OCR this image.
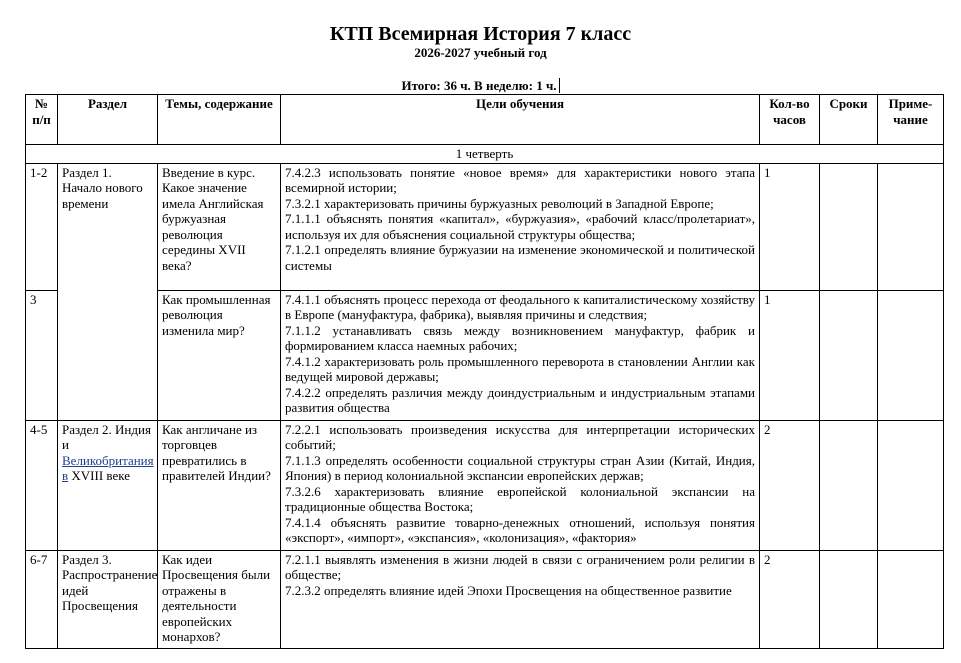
КТП Всемирная История 7 класс
2026-2027 учебный год
Итого: 36 ч. В неделю: 1 ч.
№ п/п	Раздел	Темы, содержание	Цели обучения	Кол-во часов	Сроки	Приме-чание
1 четверть						
1-2	Раздел 1. Начало нового времени	Введение в курс. Какое значение имела Английская буржуазная революция середины XVII века?	7.4.2.3 использовать понятие «новое время» для характеристики нового этапа всемирной истории;
7.3.2.1 характеризовать причины буржуазных революций в Западной Европе;
7.1.1.1 объяснять понятия «капитал», «буржуазия», «рабочий класс/пролетариат», используя их для объяснения социальной структуры общества;
7.1.2.1 определять влияние буржуазии на изменение экономической и политической системы	1		
3		Как промышленная революция изменила мир?	7.4.1.1 объяснять процесс перехода от феодального к капиталистическому хозяйству в Европе (мануфактура, фабрика), выявляя причины и следствия;
7.1.1.2 устанавливать связь между возникновением мануфактур, фабрик и формированием класса наемных рабочих;
7.4.1.2 характеризовать роль промышленного переворота в становлении Англии как ведущей мировой державы;
7.4.2.2 определять различия между доиндустриальным и индустриальным этапами развития общества	1		
4-5	Раздел 2. Индия и Великобритания в XVIII веке	Как англичане из торговцев превратились в правителей Индии?	7.2.2.1 использовать произведения искусства для интерпретации исторических событий;
7.1.1.3 определять особенности социальной структуры стран Азии (Китай, Индия, Япония) в период колониальной экспансии европейских держав;
7.3.2.6 характеризовать влияние европейской колониальной экспансии на традиционные общества Востока;
7.4.1.4 объяснять развитие товарно-денежных отношений, используя понятия «экспорт», «импорт», «экспансия», «колонизация», «фактория»	2		
6-7	Раздел 3. Распространение идей Просвещения	Как идеи Просвещения были отражены в деятельности европейских монархов?	7.2.1.1 выявлять изменения в жизни людей в связи с ограничением роли религии в обществе;
7.2.3.2 определять влияние идей Эпохи Просвещения на общественное развитие	2		
